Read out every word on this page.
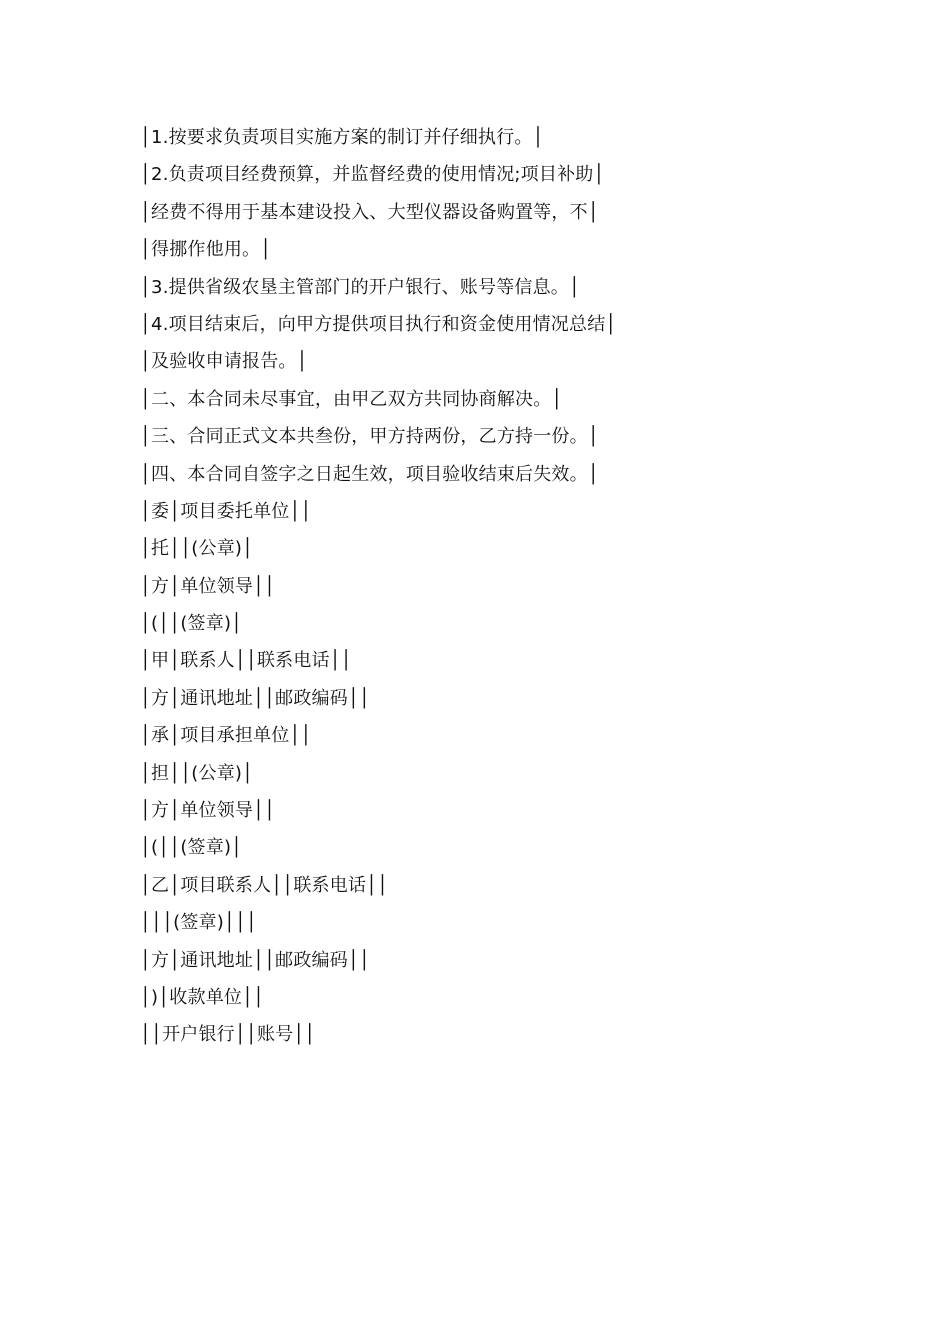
│1.按要求负责项目实施方案的制订并仔细执行。│
│2.负责项目经费预算，并监督经费的使用情况;项目补助│
│经费不得用于基本建设投入、大型仪器设备购置等，不│
│得挪作他用。│
│3.提供省级农垦主管部门的开户银行、账号等信息。│
│4.项目结束后，向甲方提供项目执行和资金使用情况总结│
│及验收申请报告。│
│二、本合同未尽事宜，由甲乙双方共同协商解决。│
│三、合同正式文本共叁份，甲方持两份，乙方持一份。│
│四、本合同自签字之日起生效，项目验收结束后失效。│
│委│项目委托单位││
│托││(公章)│
│方│单位领导││
│(││(签章)│
│甲│联系人││联系电话││
│方│通讯地址││邮政编码││
│承│项目承担单位││
│担││(公章)│
│方│单位领导││
│(││(签章)│
│乙│项目联系人││联系电话││
│││(签章)│││
│方│通讯地址││邮政编码││
│)│收款单位││
││开户银行││账号││
